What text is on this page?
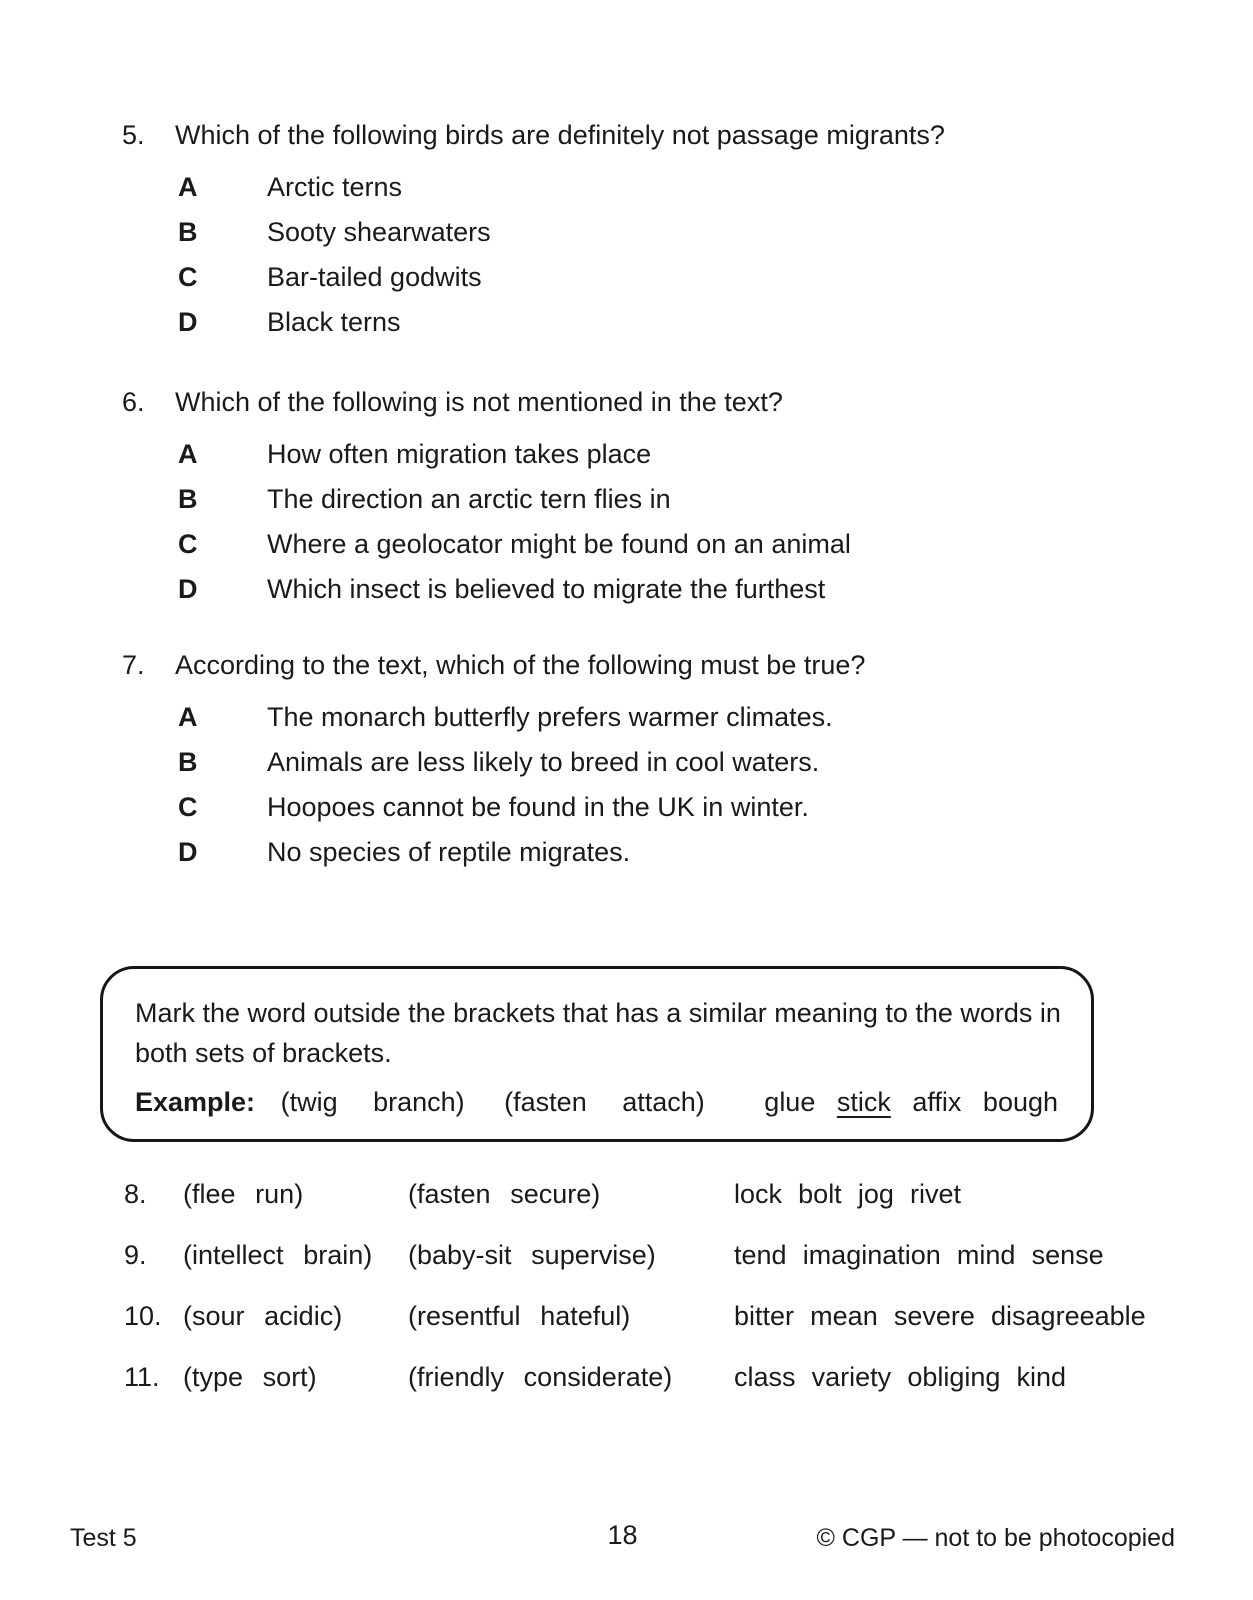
5.	Which of the following birds are definitely not passage migrants?
A	Arctic terns
B	Sooty shearwaters
C	Bar-tailed godwits
D	Black terns
6.	Which of the following is not mentioned in the text?
A	How often migration takes place
B	The direction an arctic tern flies in
C	Where a geolocator might be found on an animal
D	Which insect is believed to migrate the furthest
7.	According to the text, which of the following must be true?
A	The monarch butterfly prefers warmer climates.
B	Animals are less likely to breed in cool waters.
C	Hoopoes cannot be found in the UK in winter.
D	No species of reptile migrates.
Mark the word outside the brackets that has a similar meaning to the words in
both sets of brackets.
Example: (twig branch) (fasten attach) glue stick affix bough
8.	(flee run)	(fasten secure)	lock bolt jog rivet
9.	(intellect brain)	(baby-sit supervise)	tend imagination mind sense
10. (sour acidic)	(resentful hateful)	bitter mean severe disagreeable
11. (type sort)	(friendly considerate)	class variety obliging kind
Test 5	18	© CGP — not to be photocopied
